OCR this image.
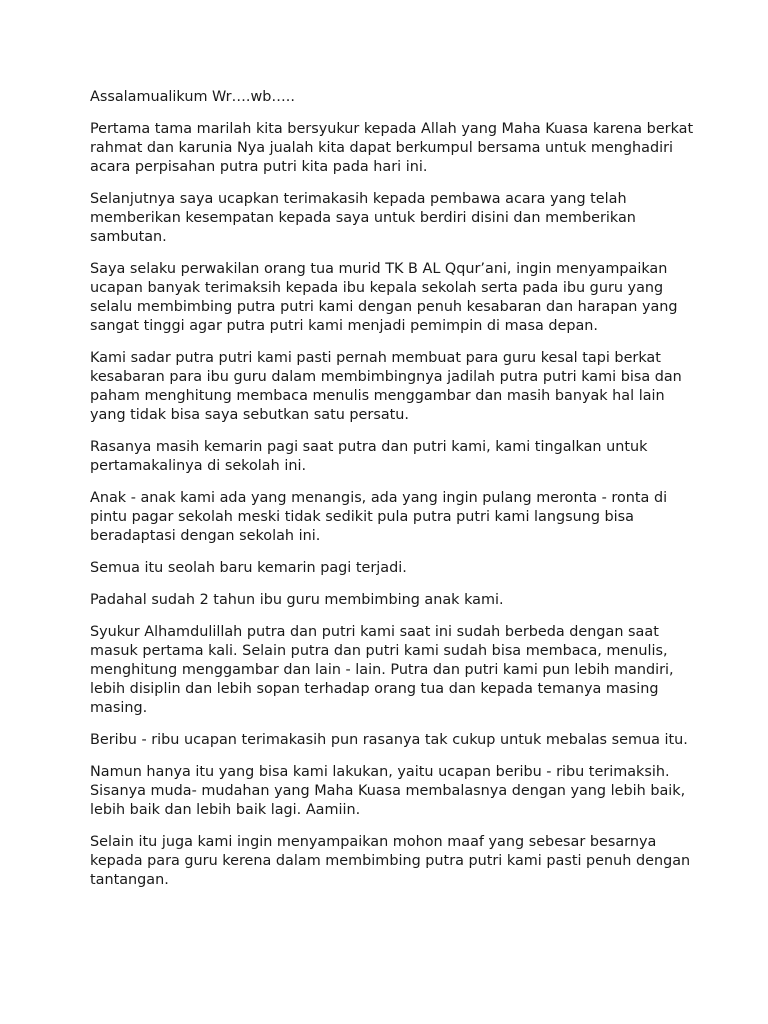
Assalamualikum Wr….wb…..

Pertama tama marilah kita bersyukur kepada Allah yang Maha Kuasa karena berkat
rahmat dan karunia Nya jualah kita dapat berkumpul bersama untuk menghadiri
acara perpisahan putra putri kita pada hari ini.

Selanjutnya saya ucapkan terimakasih kepada pembawa acara yang telah
memberikan kesempatan kepada saya untuk berdiri disini dan memberikan
sambutan.

Saya selaku perwakilan orang tua murid TK B AL Qqur’ani, ingin menyampaikan
ucapan banyak terimaksih kepada ibu kepala sekolah serta pada ibu guru yang
selalu membimbing putra putri kami dengan penuh kesabaran dan harapan yang
sangat tinggi agar putra putri kami menjadi pemimpin di masa depan.

Kami sadar putra putri kami pasti pernah membuat para guru kesal tapi berkat
kesabaran para ibu guru dalam membimbingnya jadilah putra putri kami bisa dan
paham menghitung membaca menulis menggambar dan masih banyak hal lain
yang tidak bisa saya sebutkan satu persatu.

Rasanya masih kemarin pagi saat putra dan putri kami, kami tingalkan untuk
pertamakalinya di sekolah ini.

Anak - anak kami ada yang menangis, ada yang ingin pulang meronta - ronta di
pintu pagar sekolah meski tidak sedikit pula putra putri kami langsung bisa
beradaptasi dengan sekolah ini.

Semua itu seolah baru kemarin pagi terjadi.

Padahal sudah 2 tahun ibu guru membimbing anak kami.

Syukur Alhamdulillah putra dan putri kami saat ini sudah berbeda dengan saat
masuk pertama kali. Selain putra dan putri kami sudah bisa membaca, menulis,
menghitung menggambar dan lain - lain. Putra dan putri kami pun lebih mandiri,
lebih disiplin dan lebih sopan terhadap orang tua dan kepada temanya masing
masing.

Beribu - ribu ucapan terimakasih pun rasanya tak cukup untuk mebalas semua itu.

Namun hanya itu yang bisa kami lakukan, yaitu ucapan beribu - ribu terimaksih.
Sisanya muda- mudahan yang Maha Kuasa membalasnya dengan yang lebih baik,
lebih baik dan lebih baik lagi. Aamiin.

Selain itu juga kami ingin menyampaikan mohon maaf yang sebesar besarnya
kepada para guru kerena dalam membimbing putra putri kami pasti penuh dengan
tantangan.
